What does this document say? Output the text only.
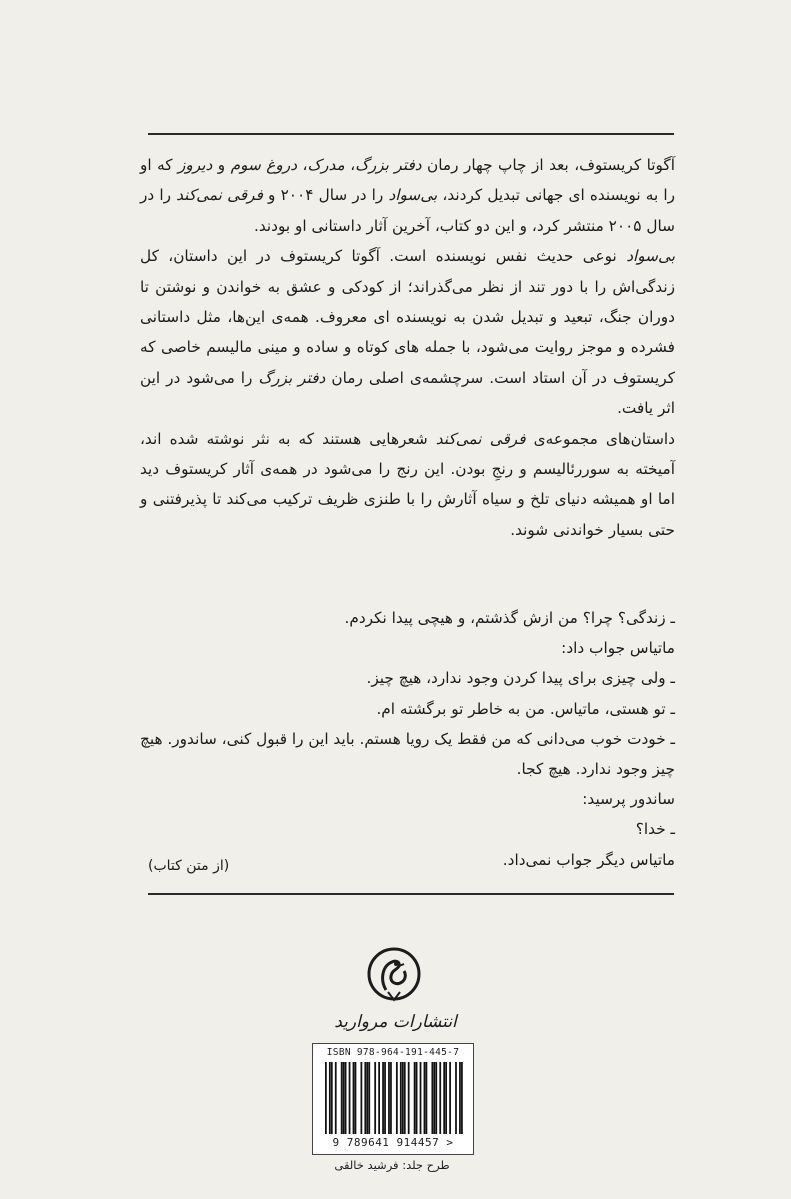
آگوتا کریستوف، بعد از چاپ چهار رمان دفتر بزرگ، مدرک، دروغ سوم و دیروز که او را به نویسنده ای جهانی تبدیل کردند، بی‌سواد را در سال ۲۰۰۴ و فرقی نمی‌کند را در سال ۲۰۰۵ منتشر کرد، و این دو کتاب، آخرین آثار داستانی او بودند.

بی‌سواد نوعی حدیث نفس نویسنده است. آگوتا کریستوف در این داستان، کل زندگی‌اش را با دور تند از نظر می‌گذراند؛ از کودکی و عشق به خواندن و نوشتن تا دوران جنگ، تبعید و تبدیل شدن به نویسنده ای معروف. همه‌ی این‌ها، مثل داستانی فشرده و موجز روایت می‌شود، با جمله های کوتاه و ساده و مینی مالیسم خاصی که کریستوف در آن استاد است. سرچشمه‌ی اصلی رمان دفتر بزرگ را می‌شود در این اثر یافت.

داستان‌های مجموعه‌ی فرقی نمی‌کند شعرهایی هستند که به نثر نوشته شده اند، آمیخته به سوررئالیسم و رنجِ بودن. این رنج را می‌شود در همه‌ی آثار کریستوف دید اما او همیشه دنیای تلخ و سیاه آثارش را با طنزی ظریف ترکیب می‌کند تا پذیرفتنی و حتی بسیار خواندنی شوند.

ـ زندگی؟ چرا؟ من ازش گذشتم، و هیچی پیدا نکردم.

ماتیاس جواب داد:

ـ ولی چیزی برای پیدا کردن وجود ندارد، هیچ چیز.

ـ تو هستی، ماتیاس. من به خاطر تو برگشته ام.

ـ خودت خوب می‌دانی که من فقط یک رویا هستم. باید این را قبول کنی، ساندور. هیچ چیز وجود ندارد. هیچ کجا.

ساندور پرسید:

ـ خدا؟

ماتیاس دیگر جواب نمی‌داد.

(از متن کتاب)
انتشارات مروارید
ISBN 978-964-191-445-7
9 789641 914457 >
طرح جلد: فرشید خالقی
